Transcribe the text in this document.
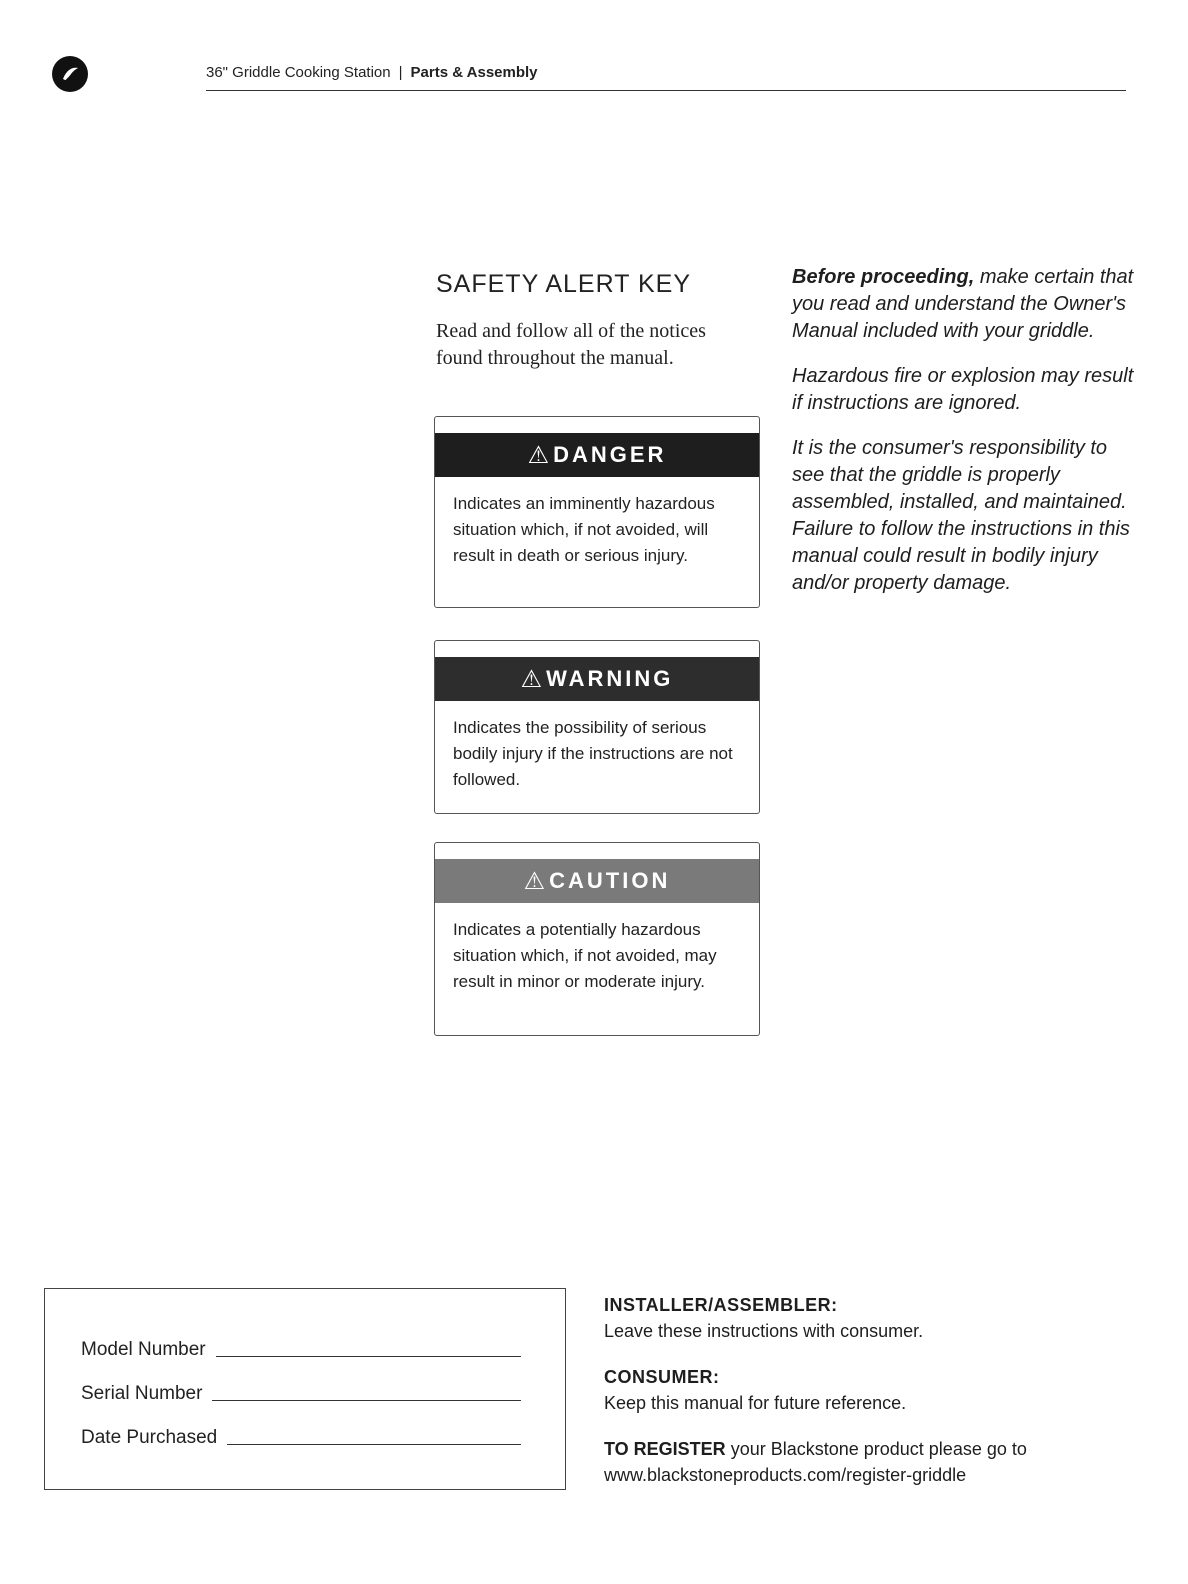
36" Griddle Cooking Station | Parts & Assembly
SAFETY ALERT KEY
Read and follow all of the notices found throughout the manual.
⚠ DANGER
Indicates an imminently hazardous situation which, if not avoided, will result in death or serious injury.
⚠ WARNING
Indicates the possibility of serious bodily injury if the instructions are not followed.
⚠ CAUTION
Indicates a potentially hazardous situation which, if not avoided, may result in minor or moderate injury.

Before proceeding, make certain that you read and understand the Owner's Manual included with your griddle.

Hazardous fire or explosion may result if instructions are ignored.

It is the consumer's responsibility to see that the griddle is properly assembled, installed, and maintained. Failure to follow the instructions in this manual could result in bodily injury and/or property damage.

Model Number
Serial Number
Date Purchased
INSTALLER/ASSEMBLER:
Leave these instructions with consumer.
CONSUMER:
Keep this manual for future reference.
TO REGISTER your Blackstone product please go to
www.blackstoneproducts.com/register-griddle
